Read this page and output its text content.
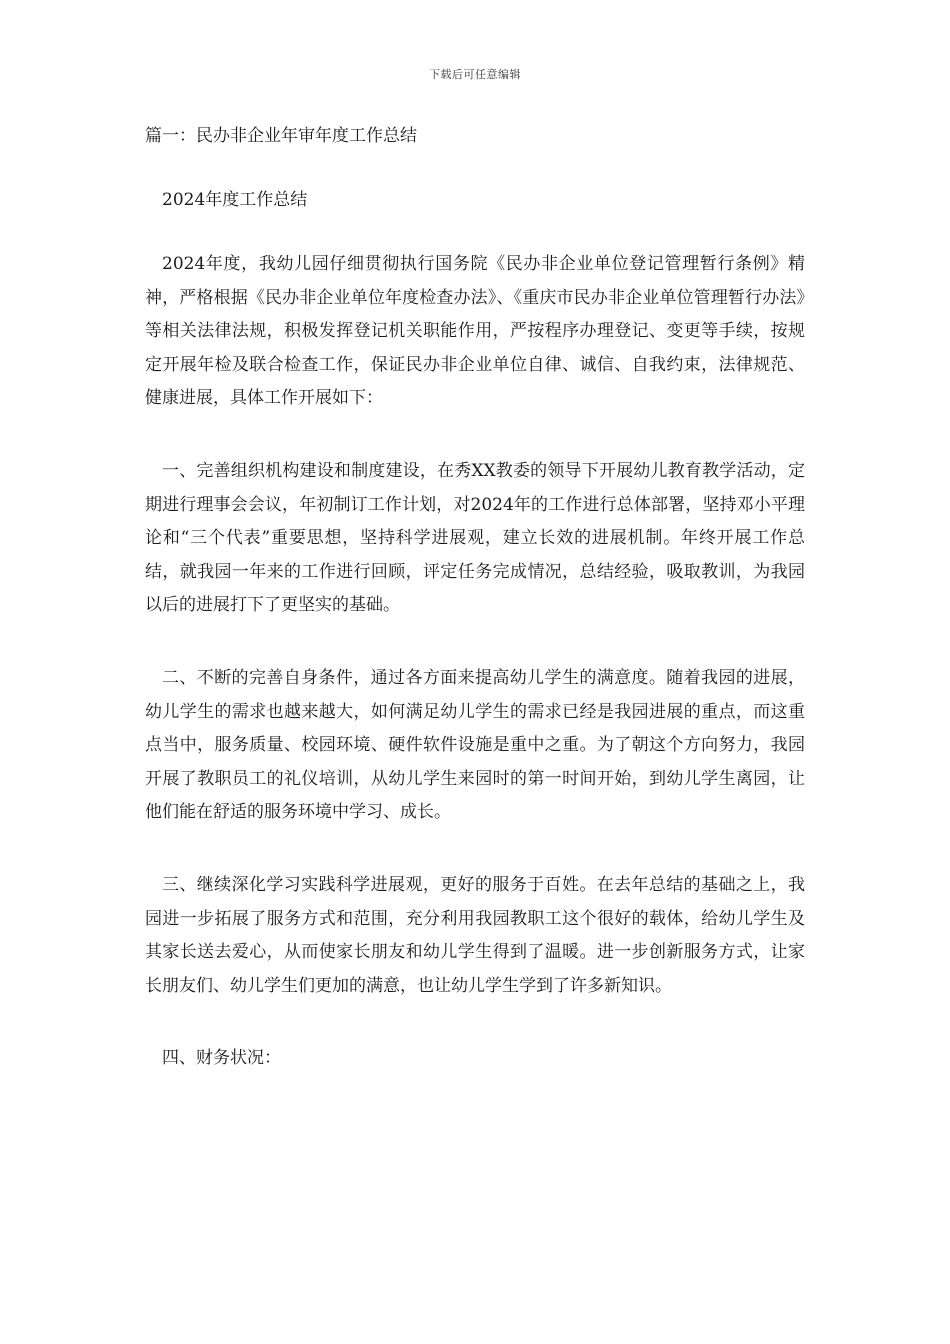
下载后可任意编辑
篇一：民办非企业年审年度工作总结
2024年度工作总结

2024年度，我幼儿园仔细贯彻执行国务院《民办非企业单位登记管理暂行条例》精神，严格根据《民办非企业单位年度检查办法》、《重庆市民办非企业单位管理暂行办法》等相关法律法规，积极发挥登记机关职能作用，严按程序办理登记、变更等手续，按规定开展年检及联合检查工作，保证民办非企业单位自律、诚信、自我约束，法律规范、健康进展，具体工作开展如下：

一、完善组织机构建设和制度建设，在秀XX教委的领导下开展幼儿教育教学活动，定期进行理事会会议，年初制订工作计划，对2024年的工作进行总体部署，坚持邓小平理论和“三个代表”重要思想，坚持科学进展观，建立长效的进展机制。年终开展工作总结，就我园一年来的工作进行回顾，评定任务完成情况，总结经验，吸取教训，为我园以后的进展打下了更坚实的基础。

二、不断的完善自身条件，通过各方面来提高幼儿学生的满意度。随着我园的进展，幼儿学生的需求也越来越大，如何满足幼儿学生的需求已经是我园进展的重点，而这重点当中，服务质量、校园环境、硬件软件设施是重中之重。为了朝这个方向努力，我园开展了教职员工的礼仪培训，从幼儿学生来园时的第一时间开始，到幼儿学生离园，让他们能在舒适的服务环境中学习、成长。

三、继续深化学习实践科学进展观，更好的服务于百姓。在去年总结的基础之上，我园进一步拓展了服务方式和范围，充分利用我园教职工这个很好的载体，给幼儿学生及其家长送去爱心，从而使家长朋友和幼儿学生得到了温暖。进一步创新服务方式，让家长朋友们、幼儿学生们更加的满意，也让幼儿学生学到了许多新知识。

四、财务状况：
